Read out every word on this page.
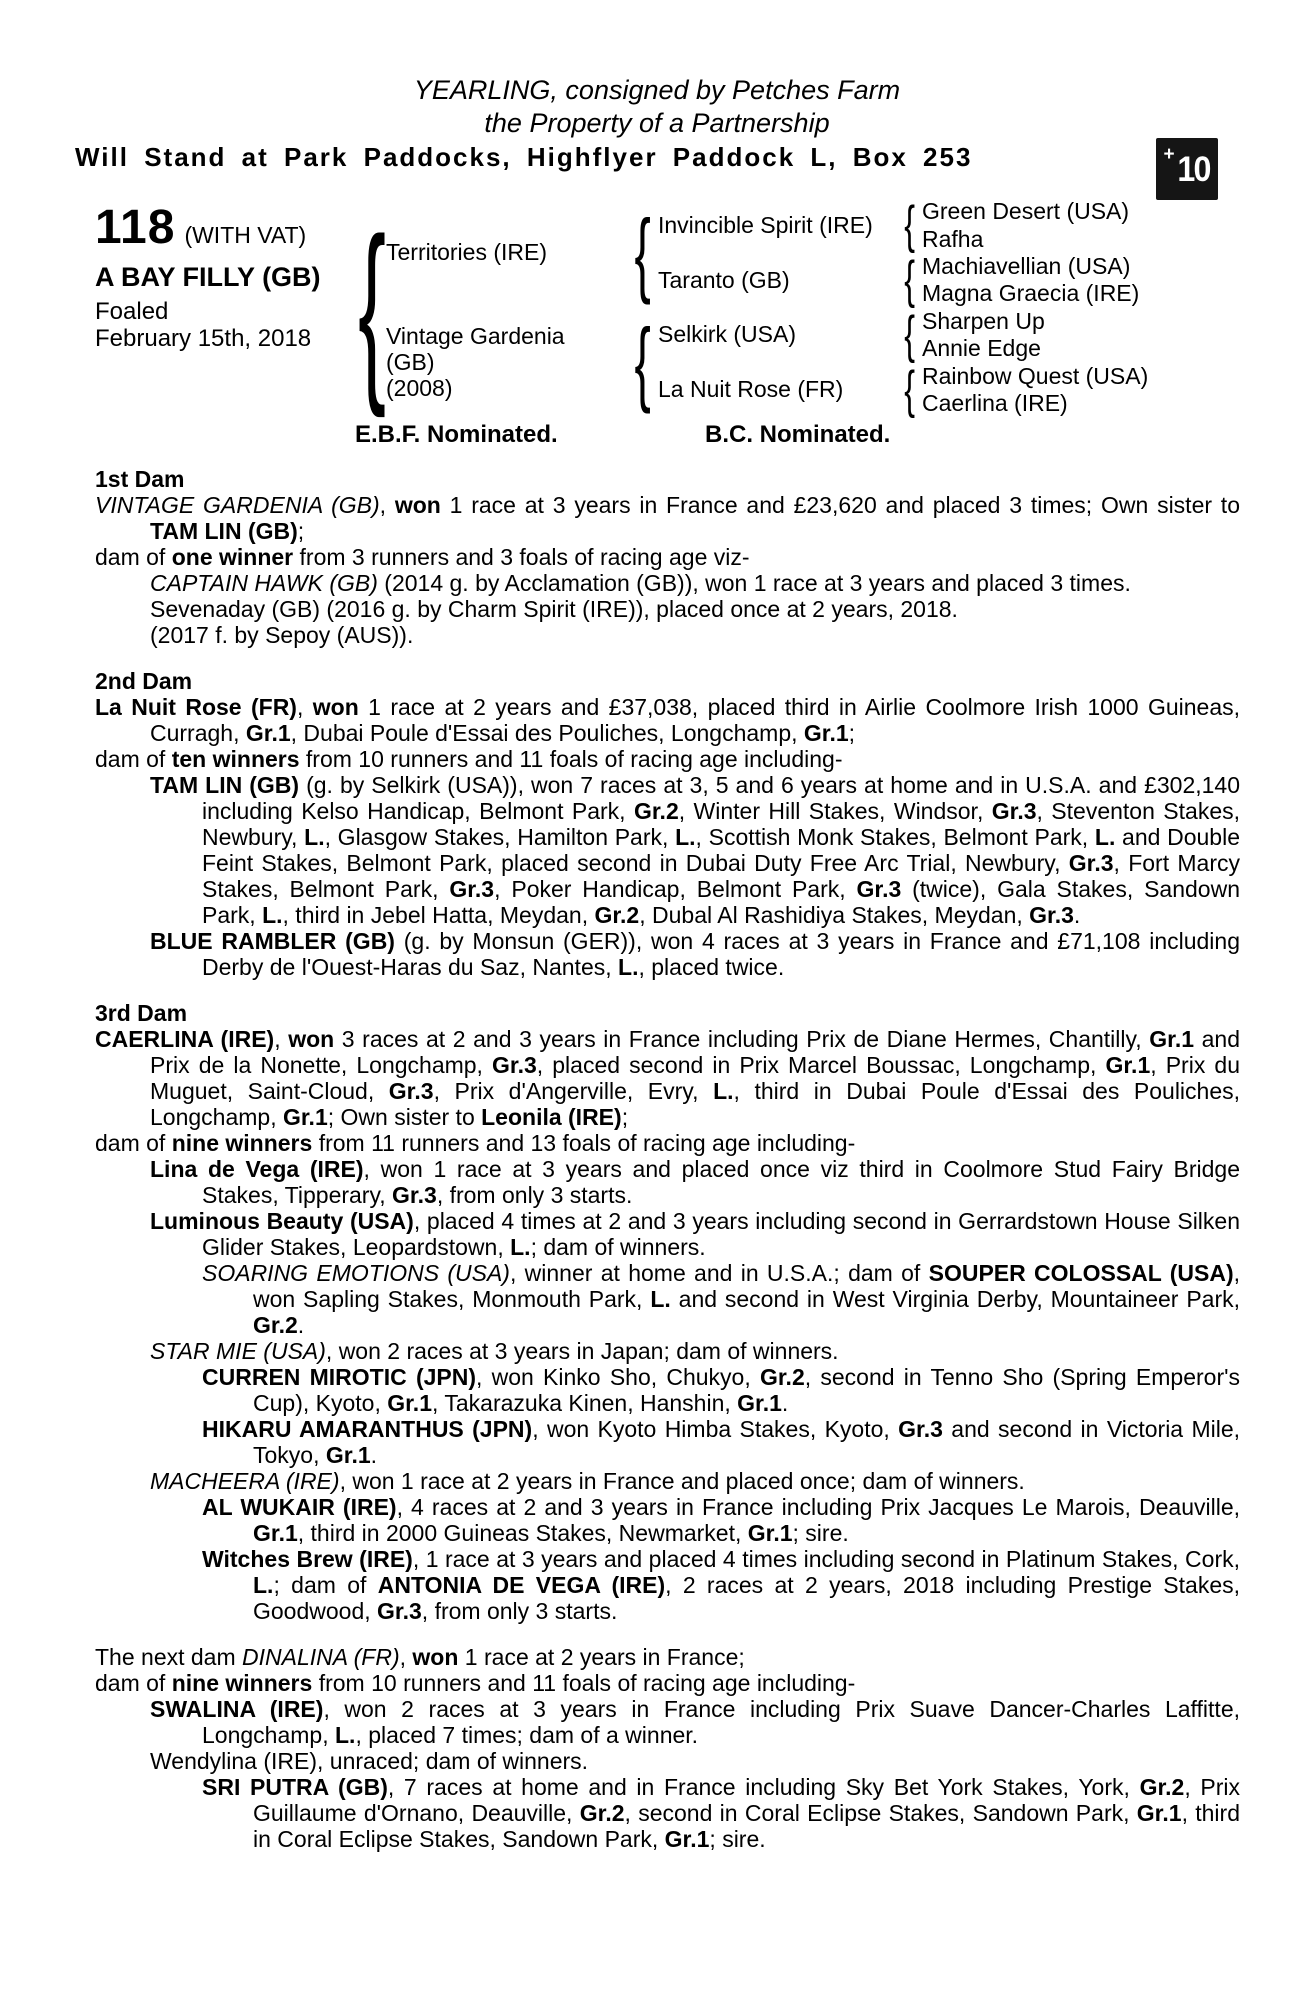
YEARLING, consigned by Petches Farm
the Property of a Partnership
Will Stand at Park Paddocks, Highflyer Paddock L, Box 253	+ 10
118 (WITH VAT)
A BAY FILLY (GB)
Foaled
February 15th, 2018
{
Territories (IRE)
Vintage Gardenia
(GB)
(2008)
{
{
Invincible Spirit (IRE)
Taranto (GB)
Selkirk (USA)
La Nuit Rose (FR)
{
{
{
{
Green Desert (USA)
Rafha
Machiavellian (USA)
Magna Graecia (IRE)
Sharpen Up
Annie Edge
Rainbow Quest (USA)
Caerlina (IRE)
E.B.F. Nominated.	B.C. Nominated.
1st Dam

VINTAGE GARDENIA (GB), won 1 race at 3 years in France and £23,620 and placed 3 times; Own sister to TAM LIN (GB);

dam of one winner from 3 runners and 3 foals of racing age viz-

CAPTAIN HAWK (GB) (2014 g. by Acclamation (GB)), won 1 race at 3 years and placed 3 times.

Sevenaday (GB) (2016 g. by Charm Spirit (IRE)), placed once at 2 years, 2018.

(2017 f. by Sepoy (AUS)).

2nd Dam

La Nuit Rose (FR), won 1 race at 2 years and £37,038, placed third in Airlie Coolmore Irish 1000 Guineas, Curragh, Gr.1, Dubai Poule d'Essai des Pouliches, Longchamp, Gr.1;

dam of ten winners from 10 runners and 11 foals of racing age including-

TAM LIN (GB) (g. by Selkirk (USA)), won 7 races at 3, 5 and 6 years at home and in U.S.A. and £302,140 including Kelso Handicap, Belmont Park, Gr.2, Winter Hill Stakes, Windsor, Gr.3, Steventon Stakes, Newbury, L., Glasgow Stakes, Hamilton Park, L., Scottish Monk Stakes, Belmont Park, L. and Double Feint Stakes, Belmont Park, placed second in Dubai Duty Free Arc Trial, Newbury, Gr.3, Fort Marcy Stakes, Belmont Park, Gr.3, Poker Handicap, Belmont Park, Gr.3 (twice), Gala Stakes, Sandown Park, L., third in Jebel Hatta, Meydan, Gr.2, Dubal Al Rashidiya Stakes, Meydan, Gr.3.

BLUE RAMBLER (GB) (g. by Monsun (GER)), won 4 races at 3 years in France and £71,108 including Derby de l'Ouest-Haras du Saz, Nantes, L., placed twice.

3rd Dam

CAERLINA (IRE), won 3 races at 2 and 3 years in France including Prix de Diane Hermes, Chantilly, Gr.1 and Prix de la Nonette, Longchamp, Gr.3, placed second in Prix Marcel Boussac, Longchamp, Gr.1, Prix du Muguet, Saint-Cloud, Gr.3, Prix d'Angerville, Evry, L., third in Dubai Poule d'Essai des Pouliches, Longchamp, Gr.1; Own sister to Leonila (IRE);

dam of nine winners from 11 runners and 13 foals of racing age including-

Lina de Vega (IRE), won 1 race at 3 years and placed once viz third in Coolmore Stud Fairy Bridge Stakes, Tipperary, Gr.3, from only 3 starts.

Luminous Beauty (USA), placed 4 times at 2 and 3 years including second in Gerrardstown House Silken Glider Stakes, Leopardstown, L.; dam of winners.

SOARING EMOTIONS (USA), winner at home and in U.S.A.; dam of SOUPER COLOSSAL (USA), won Sapling Stakes, Monmouth Park, L. and second in West Virginia Derby, Mountaineer Park, Gr.2.

STAR MIE (USA), won 2 races at 3 years in Japan; dam of winners.

CURREN MIROTIC (JPN), won Kinko Sho, Chukyo, Gr.2, second in Tenno Sho (Spring Emperor's Cup), Kyoto, Gr.1, Takarazuka Kinen, Hanshin, Gr.1.

HIKARU AMARANTHUS (JPN), won Kyoto Himba Stakes, Kyoto, Gr.3 and second in Victoria Mile, Tokyo, Gr.1.

MACHEERA (IRE), won 1 race at 2 years in France and placed once; dam of winners.

AL WUKAIR (IRE), 4 races at 2 and 3 years in France including Prix Jacques Le Marois, Deauville, Gr.1, third in 2000 Guineas Stakes, Newmarket, Gr.1; sire.

Witches Brew (IRE), 1 race at 3 years and placed 4 times including second in Platinum Stakes, Cork, L.; dam of ANTONIA DE VEGA (IRE), 2 races at 2 years, 2018 including Prestige Stakes, Goodwood, Gr.3, from only 3 starts.

The next dam DINALINA (FR), won 1 race at 2 years in France;

dam of nine winners from 10 runners and 11 foals of racing age including-

SWALINA (IRE), won 2 races at 3 years in France including Prix Suave Dancer-Charles Laffitte, Longchamp, L., placed 7 times; dam of a winner.

Wendylina (IRE), unraced; dam of winners.

SRI PUTRA (GB), 7 races at home and in France including Sky Bet York Stakes, York, Gr.2, Prix Guillaume d'Ornano, Deauville, Gr.2, second in Coral Eclipse Stakes, Sandown Park, Gr.1, third in Coral Eclipse Stakes, Sandown Park, Gr.1; sire.
